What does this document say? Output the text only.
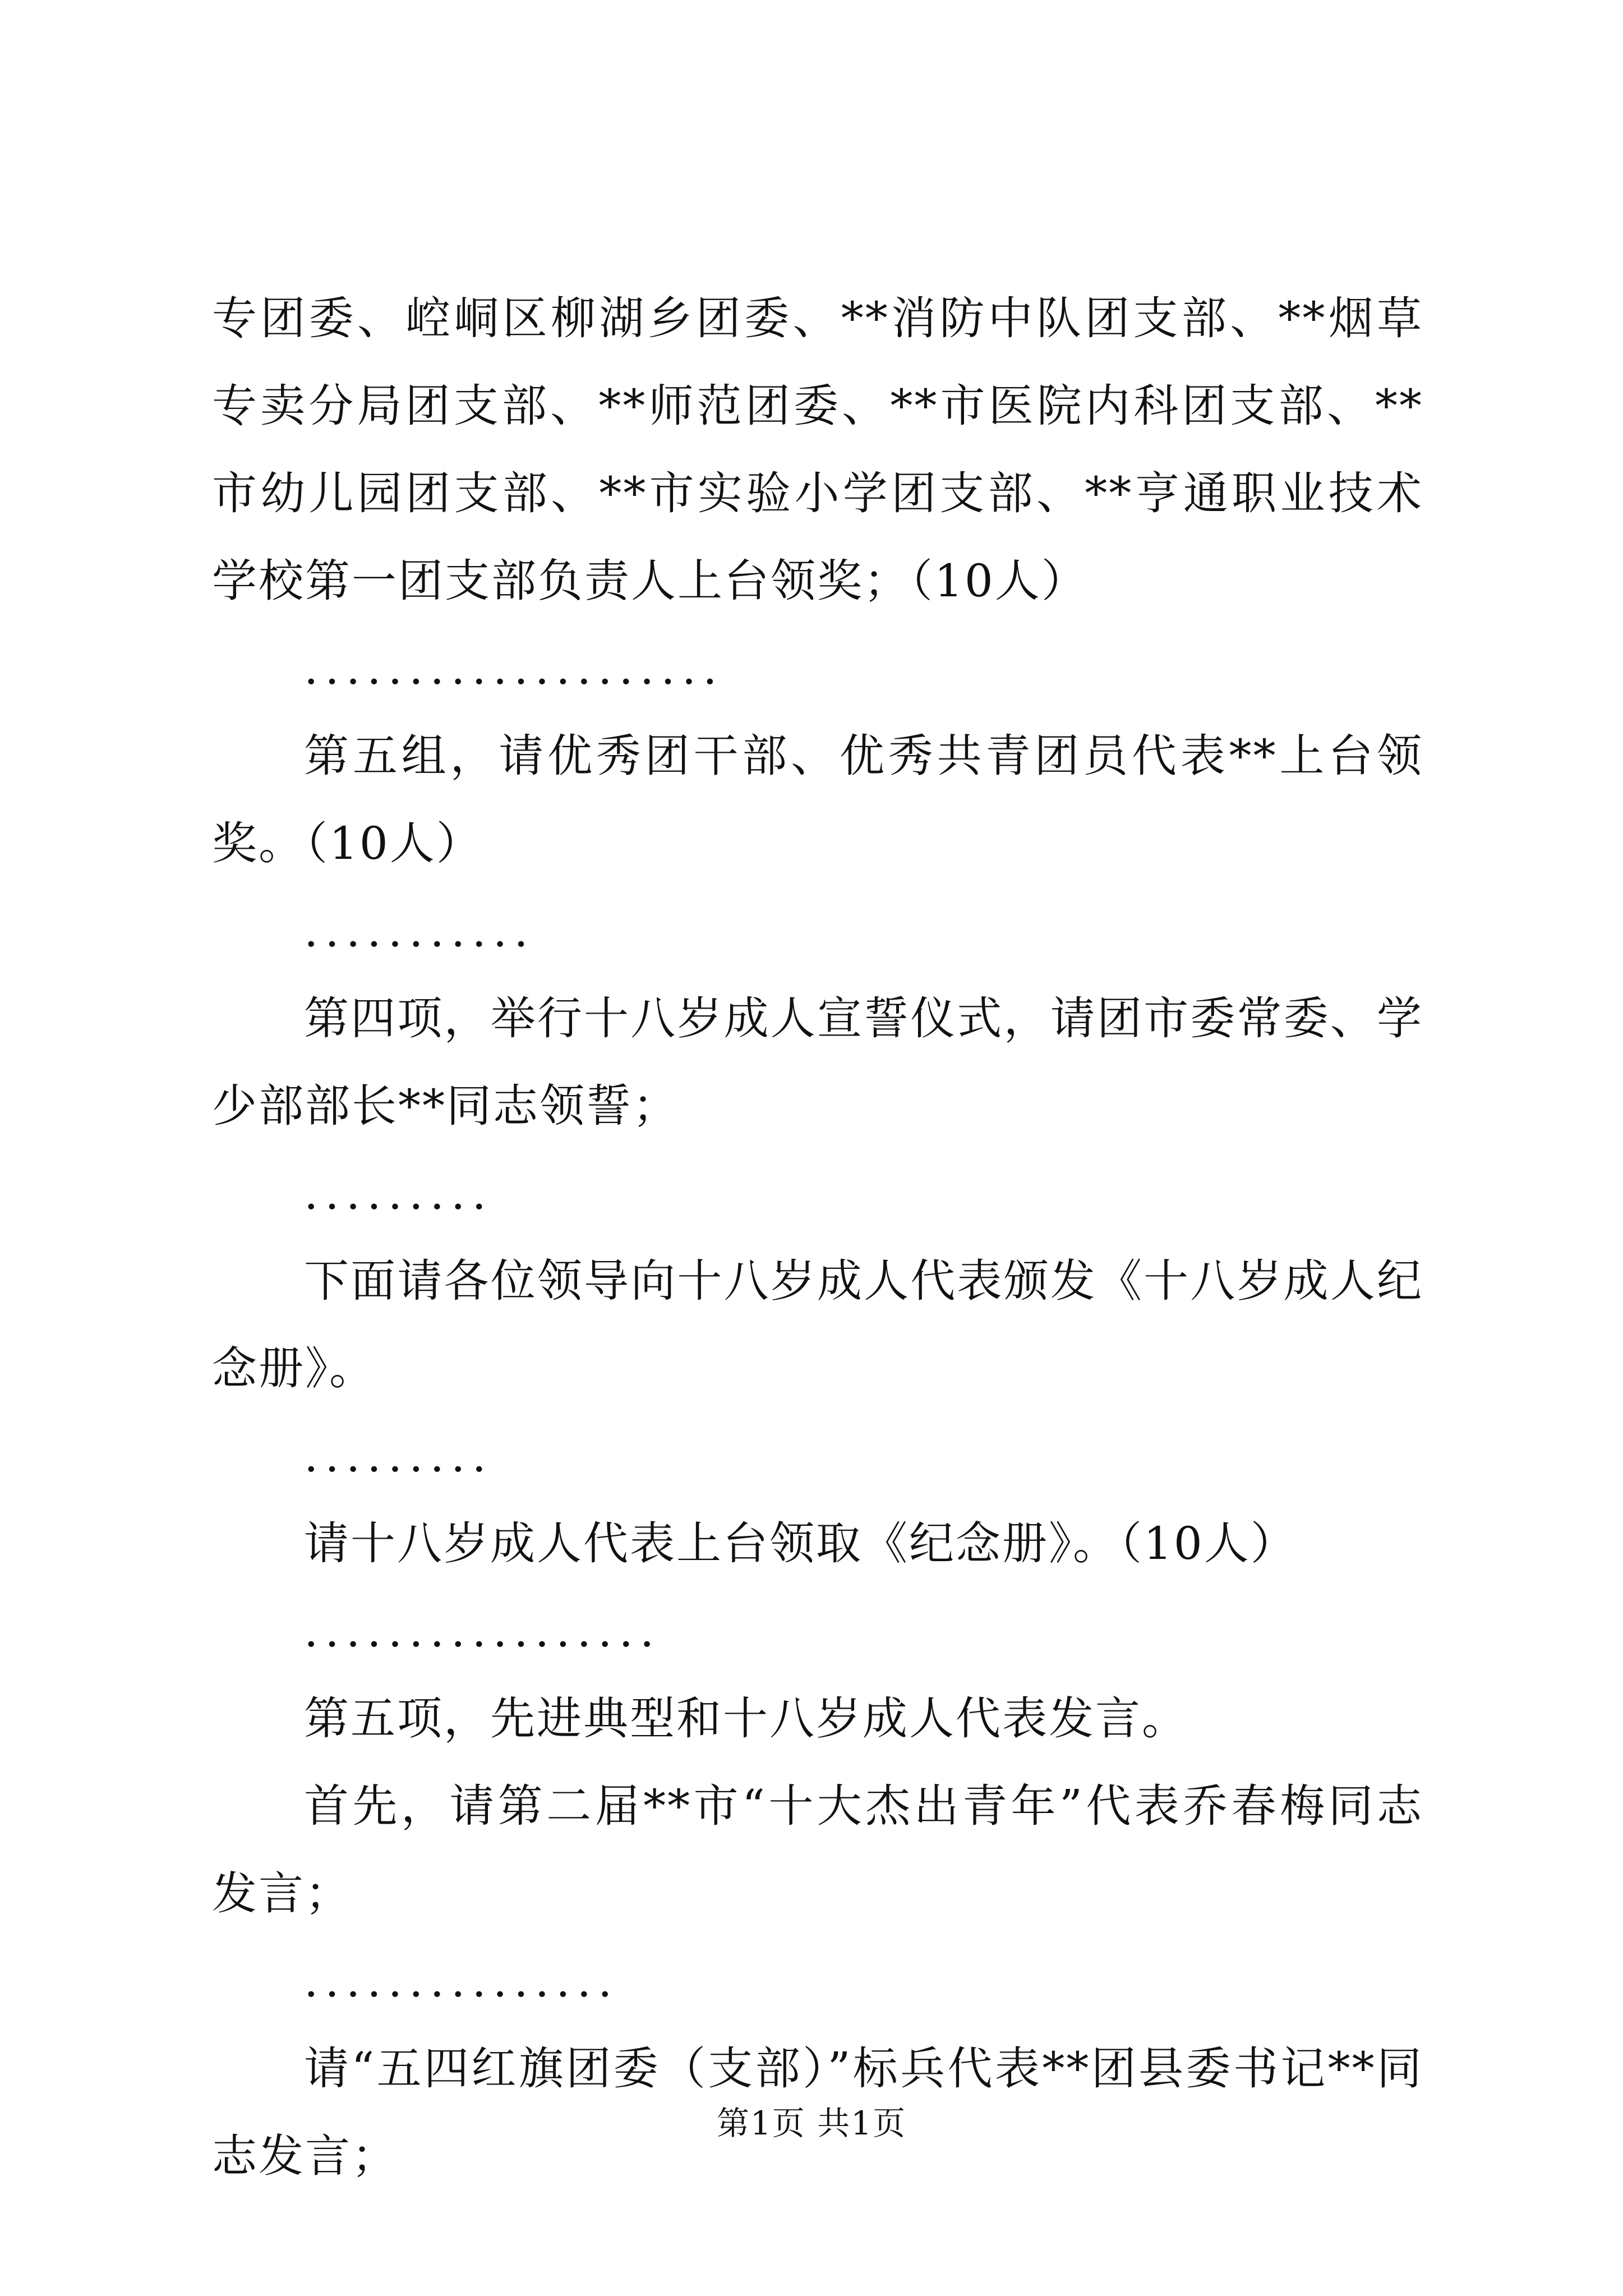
专团委、崆峒区柳湖乡团委、**消防中队团支部、**烟草专卖分局团支部、**师范团委、**市医院内科团支部、**市幼儿园团支部、**市实验小学团支部、**亨通职业技术学校第一团支部负责人上台领奖；（10人）

....................

第五组，请优秀团干部、优秀共青团员代表**上台领奖。（10人）

...........

第四项，举行十八岁成人宣誓仪式，请团市委常委、学少部部长**同志领誓；

.........

下面请各位领导向十八岁成人代表颁发《十八岁成人纪念册》。

.........

请十八岁成人代表上台领取《纪念册》。（10人）

.................

第五项，先进典型和十八岁成人代表发言。

首先，请第二届**市“十大杰出青年”代表乔春梅同志发言；

...............

请“五四红旗团委（支部）”标兵代表**团县委书记**同志发言；

第1页 共1页
